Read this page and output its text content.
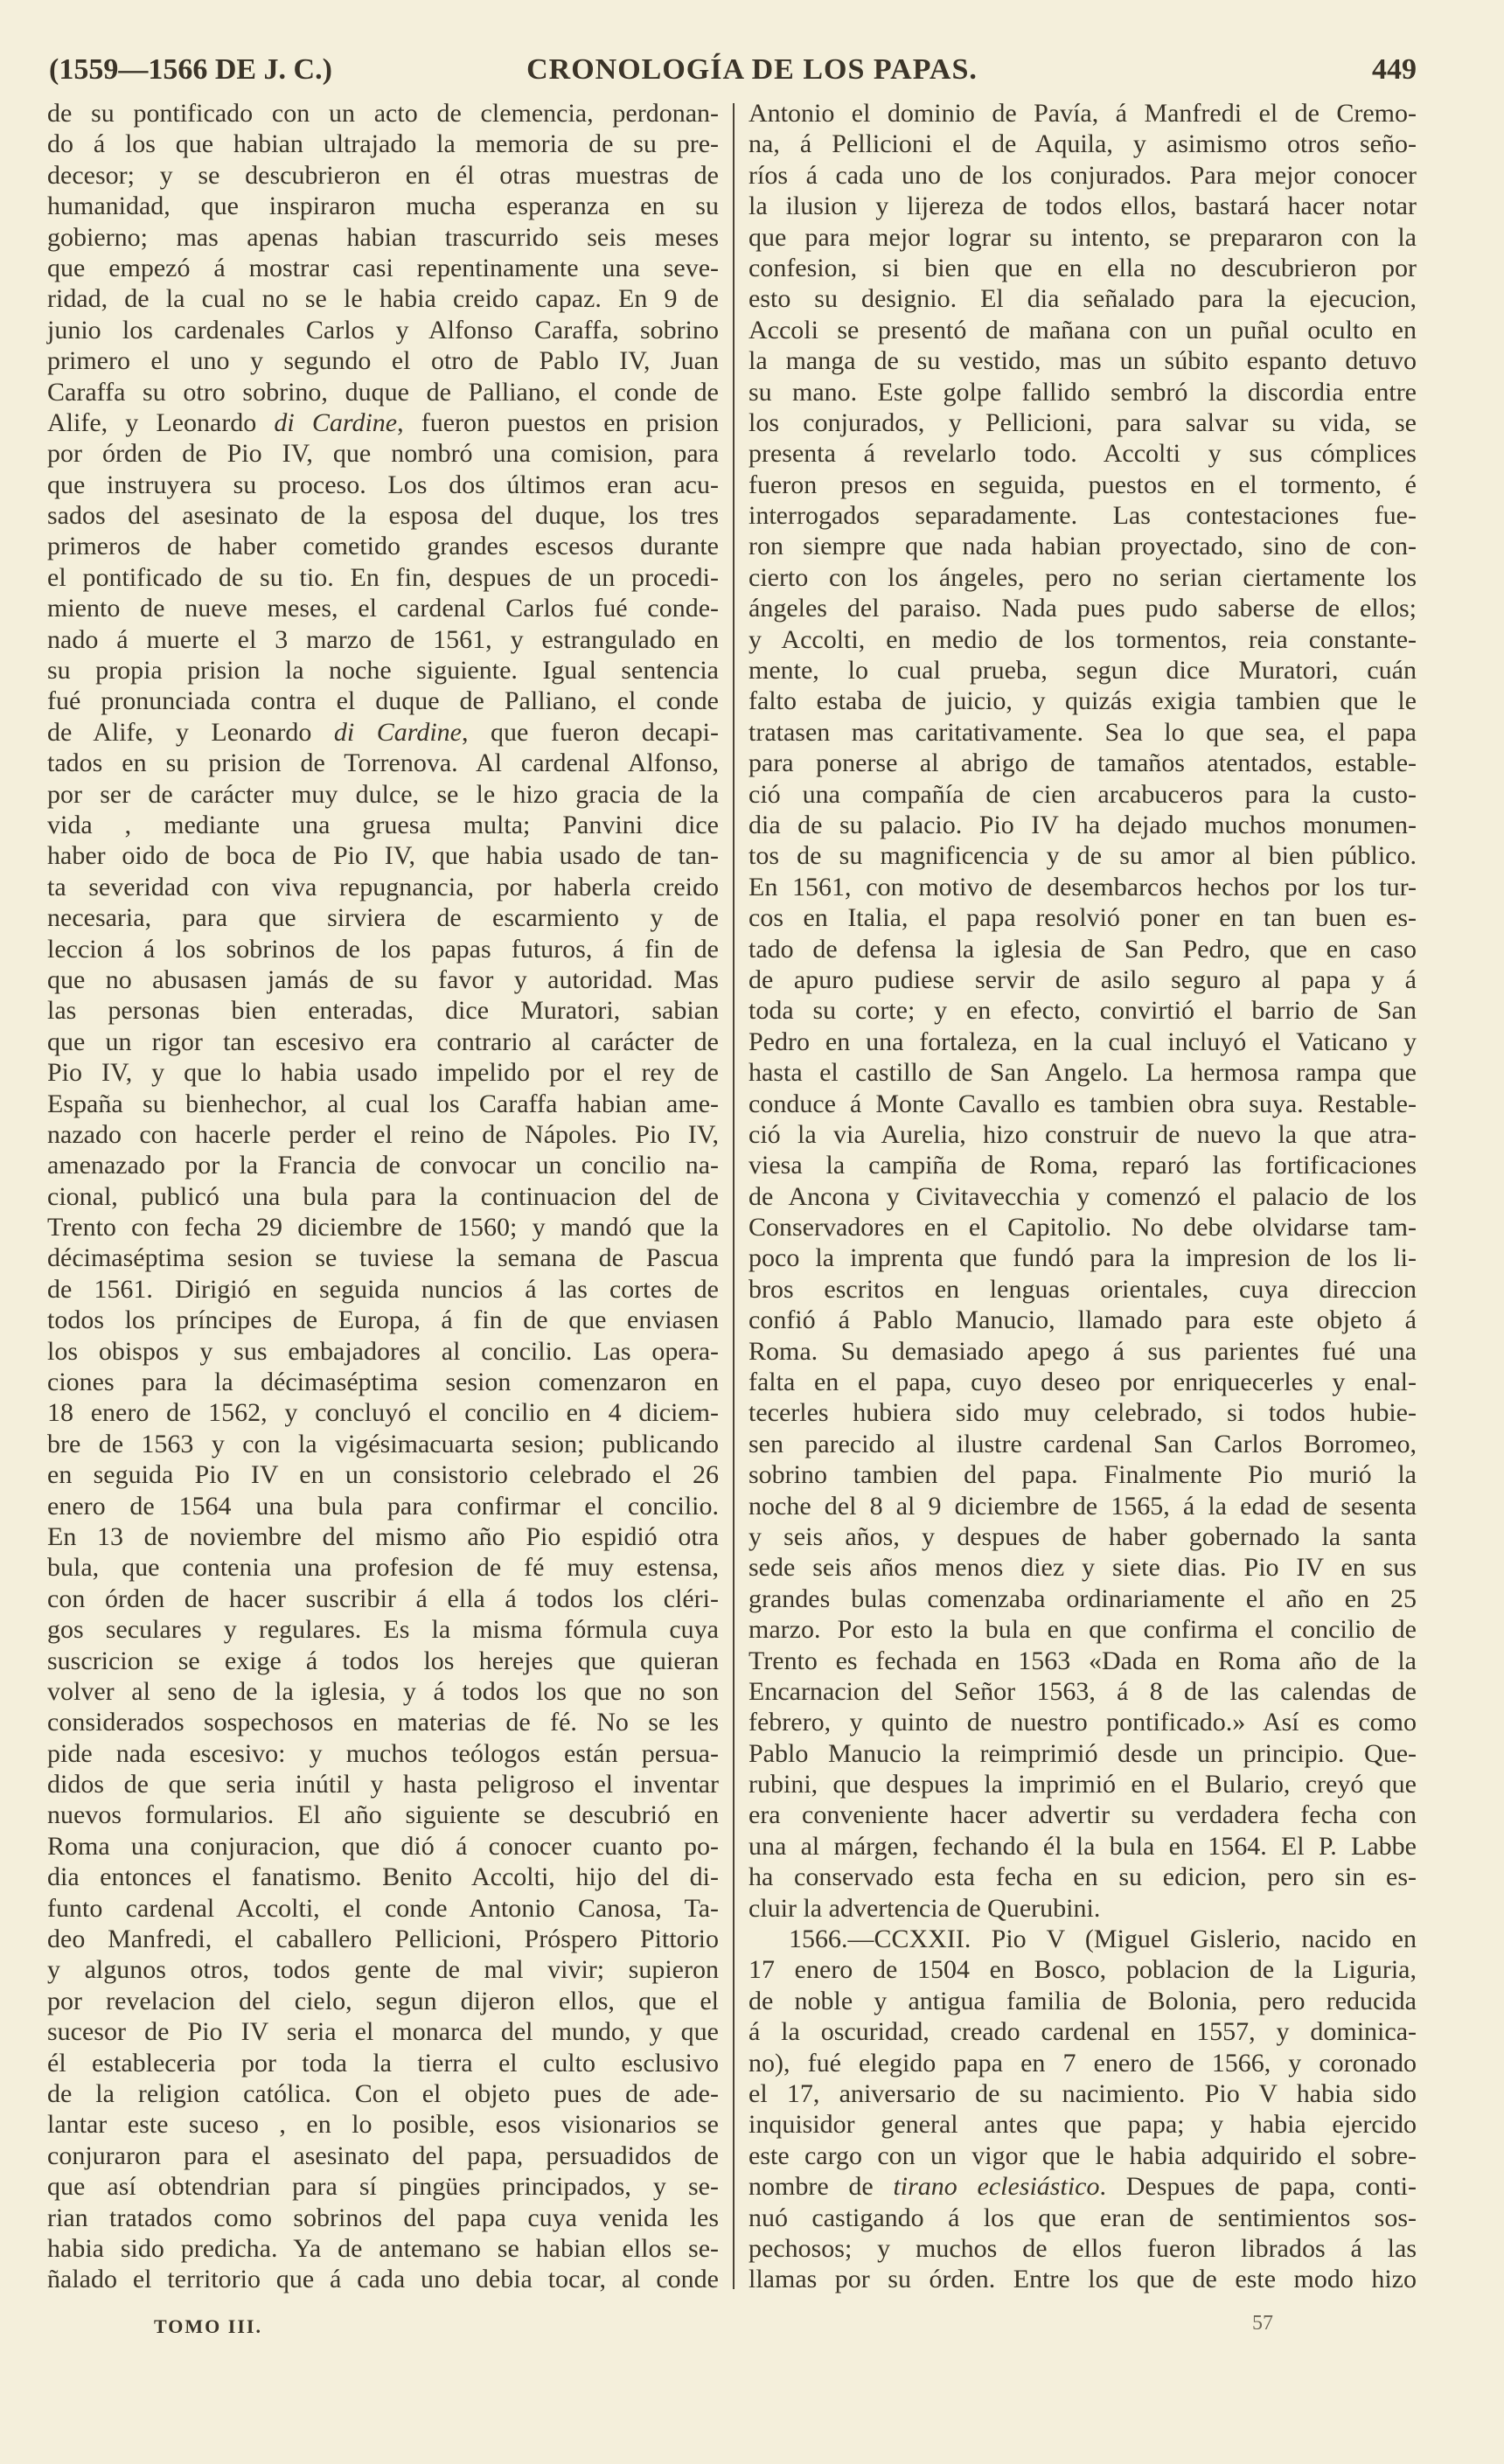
(1559—1566 DE J. C.)	CRONOLOGÍA DE LOS PAPAS.	449
de su pontificado con un acto de clemencia, perdonan-
do á los que habian ultrajado la memoria de su pre-
decesor; y se descubrieron en él otras muestras de
humanidad, que inspiraron mucha esperanza en su
gobierno; mas apenas habian trascurrido seis meses
que empezó á mostrar casi repentinamente una seve-
ridad, de la cual no se le habia creido capaz. En 9 de
junio los cardenales Carlos y Alfonso Caraffa, sobrino
primero el uno y segundo el otro de Pablo IV, Juan
Caraffa su otro sobrino, duque de Palliano, el conde de
Alife, y Leonardo di Cardine, fueron puestos en prision
por órden de Pio IV, que nombró una comision, para
que instruyera su proceso. Los dos últimos eran acu-
sados del asesinato de la esposa del duque, los tres
primeros de haber cometido grandes escesos durante
el pontificado de su tio. En fin, despues de un procedi-
miento de nueve meses, el cardenal Carlos fué conde-
nado á muerte el 3 marzo de 1561, y estrangulado en
su propia prision la noche siguiente. Igual sentencia
fué pronunciada contra el duque de Palliano, el conde
de Alife, y Leonardo di Cardine, que fueron decapi-
tados en su prision de Torrenova. Al cardenal Alfonso,
por ser de carácter muy dulce, se le hizo gracia de la
vida , mediante una gruesa multa; Panvini dice
haber oido de boca de Pio IV, que habia usado de tan-
ta severidad con viva repugnancia, por haberla creido
necesaria, para que sirviera de escarmiento y de
leccion á los sobrinos de los papas futuros, á fin de
que no abusasen jamás de su favor y autoridad. Mas
las personas bien enteradas, dice Muratori, sabian
que un rigor tan escesivo era contrario al carácter de
Pio IV, y que lo habia usado impelido por el rey de
España su bienhechor, al cual los Caraffa habian ame-
nazado con hacerle perder el reino de Nápoles. Pio IV,
amenazado por la Francia de convocar un concilio na-
cional, publicó una bula para la continuacion del de
Trento con fecha 29 diciembre de 1560; y mandó que la
décimaséptima sesion se tuviese la semana de Pascua
de 1561. Dirigió en seguida nuncios á las cortes de
todos los príncipes de Europa, á fin de que enviasen
los obispos y sus embajadores al concilio. Las opera-
ciones para la décimaséptima sesion comenzaron en
18 enero de 1562, y concluyó el concilio en 4 diciem-
bre de 1563 y con la vigésimacuarta sesion; publicando
en seguida Pio IV en un consistorio celebrado el 26
enero de 1564 una bula para confirmar el concilio.
En 13 de noviembre del mismo año Pio espidió otra
bula, que contenia una profesion de fé muy estensa,
con órden de hacer suscribir á ella á todos los cléri-
gos seculares y regulares. Es la misma fórmula cuya
suscricion se exige á todos los herejes que quieran
volver al seno de la iglesia, y á todos los que no son
considerados sospechosos en materias de fé. No se les
pide nada escesivo: y muchos teólogos están persua-
didos de que seria inútil y hasta peligroso el inventar
nuevos formularios. El año siguiente se descubrió en
Roma una conjuracion, que dió á conocer cuanto po-
dia entonces el fanatismo. Benito Accolti, hijo del di-
funto cardenal Accolti, el conde Antonio Canosa, Ta-
deo Manfredi, el caballero Pellicioni, Próspero Pittorio
y algunos otros, todos gente de mal vivir; supieron
por revelacion del cielo, segun dijeron ellos, que el
sucesor de Pio IV seria el monarca del mundo, y que
él estableceria por toda la tierra el culto esclusivo
de la religion católica. Con el objeto pues de ade-
lantar este suceso , en lo posible, esos visionarios se
conjuraron para el asesinato del papa, persuadidos de
que así obtendrian para sí pingües principados, y se-
rian tratados como sobrinos del papa cuya venida les
habia sido predicha. Ya de antemano se habian ellos se-
ñalado el territorio que á cada uno debia tocar, al conde
Antonio el dominio de Pavía, á Manfredi el de Cremo-
na, á Pellicioni el de Aquila, y asimismo otros seño-
ríos á cada uno de los conjurados. Para mejor conocer
la ilusion y lijereza de todos ellos, bastará hacer notar
que para mejor lograr su intento, se prepararon con la
confesion, si bien que en ella no descubrieron por
esto su designio. El dia señalado para la ejecucion,
Accoli se presentó de mañana con un puñal oculto en
la manga de su vestido, mas un súbito espanto detuvo
su mano. Este golpe fallido sembró la discordia entre
los conjurados, y Pellicioni, para salvar su vida, se
presenta á revelarlo todo. Accolti y sus cómplices
fueron presos en seguida, puestos en el tormento, é
interrogados separadamente. Las contestaciones fue-
ron siempre que nada habian proyectado, sino de con-
cierto con los ángeles, pero no serian ciertamente los
ángeles del paraiso. Nada pues pudo saberse de ellos;
y Accolti, en medio de los tormentos, reia constante-
mente, lo cual prueba, segun dice Muratori, cuán
falto estaba de juicio, y quizás exigia tambien que le
tratasen mas caritativamente. Sea lo que sea, el papa
para ponerse al abrigo de tamaños atentados, estable-
ció una compañía de cien arcabuceros para la custo-
dia de su palacio. Pio IV ha dejado muchos monumen-
tos de su magnificencia y de su amor al bien público.
En 1561, con motivo de desembarcos hechos por los tur-
cos en Italia, el papa resolvió poner en tan buen es-
tado de defensa la iglesia de San Pedro, que en caso
de apuro pudiese servir de asilo seguro al papa y á
toda su corte; y en efecto, convirtió el barrio de San
Pedro en una fortaleza, en la cual incluyó el Vaticano y
hasta el castillo de San Angelo. La hermosa rampa que
conduce á Monte Cavallo es tambien obra suya. Restable-
ció la via Aurelia, hizo construir de nuevo la que atra-
viesa la campiña de Roma, reparó las fortificaciones
de Ancona y Civitavecchia y comenzó el palacio de los
Conservadores en el Capitolio. No debe olvidarse tam-
poco la imprenta que fundó para la impresion de los li-
bros escritos en lenguas orientales, cuya direccion
confió á Pablo Manucio, llamado para este objeto á
Roma. Su demasiado apego á sus parientes fué una
falta en el papa, cuyo deseo por enriquecerles y enal-
tecerles hubiera sido muy celebrado, si todos hubie-
sen parecido al ilustre cardenal San Carlos Borromeo,
sobrino tambien del papa. Finalmente Pio murió la
noche del 8 al 9 diciembre de 1565, á la edad de sesenta
y seis años, y despues de haber gobernado la santa
sede seis años menos diez y siete dias. Pio IV en sus
grandes bulas comenzaba ordinariamente el año en 25
marzo. Por esto la bula en que confirma el concilio de
Trento es fechada en 1563 «Dada en Roma año de la
Encarnacion del Señor 1563, á 8 de las calendas de
febrero, y quinto de nuestro pontificado.» Así es como
Pablo Manucio la reimprimió desde un principio. Que-
rubini, que despues la imprimió en el Bulario, creyó que
era conveniente hacer advertir su verdadera fecha con
una al márgen, fechando él la bula en 1564. El P. Labbe
ha conservado esta fecha en su edicion, pero sin es-
cluir la advertencia de Querubini.
1566.—CCXXII. Pio V (Miguel Gislerio, nacido en
17 enero de 1504 en Bosco, poblacion de la Liguria,
de noble y antigua familia de Bolonia, pero reducida
á la oscuridad, creado cardenal en 1557, y dominica-
no), fué elegido papa en 7 enero de 1566, y coronado
el 17, aniversario de su nacimiento. Pio V habia sido
inquisidor general antes que papa; y habia ejercido
este cargo con un vigor que le habia adquirido el sobre-
nombre de tirano eclesiástico. Despues de papa, conti-
nuó castigando á los que eran de sentimientos sos-
pechosos; y muchos de ellos fueron librados á las
llamas por su órden. Entre los que de este modo hizo
TOMO III.	57
